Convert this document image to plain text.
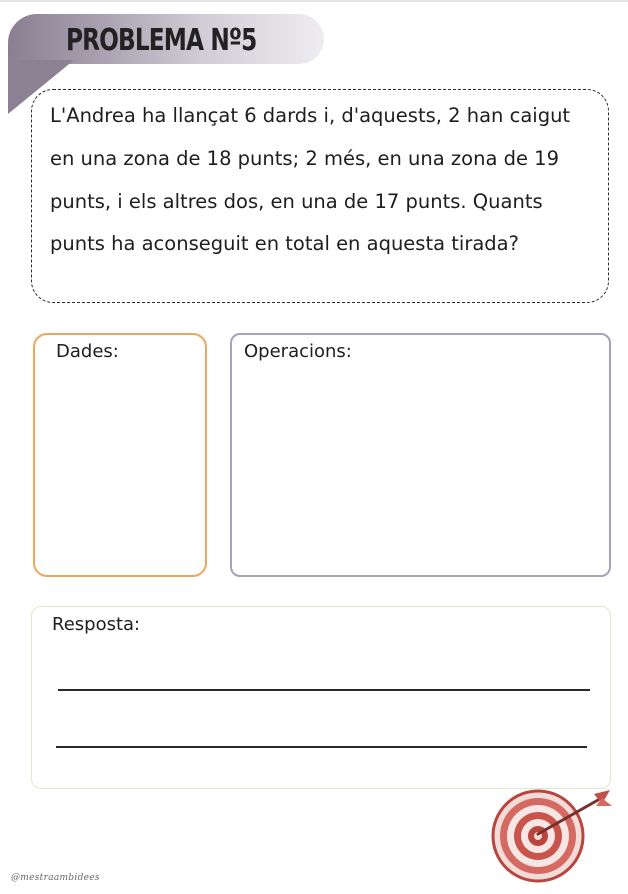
PROBLEMA Nº5
L'Andrea ha llançat 6 dards i, d'aquests, 2 han caigut en una zona de 18 punts; 2 més, en una zona de 19 punts, i els altres dos, en una de 17 punts. Quants punts ha aconseguit en total en aquesta tirada?
Dades:	Operacions:
Resposta:
@mestraambidees
